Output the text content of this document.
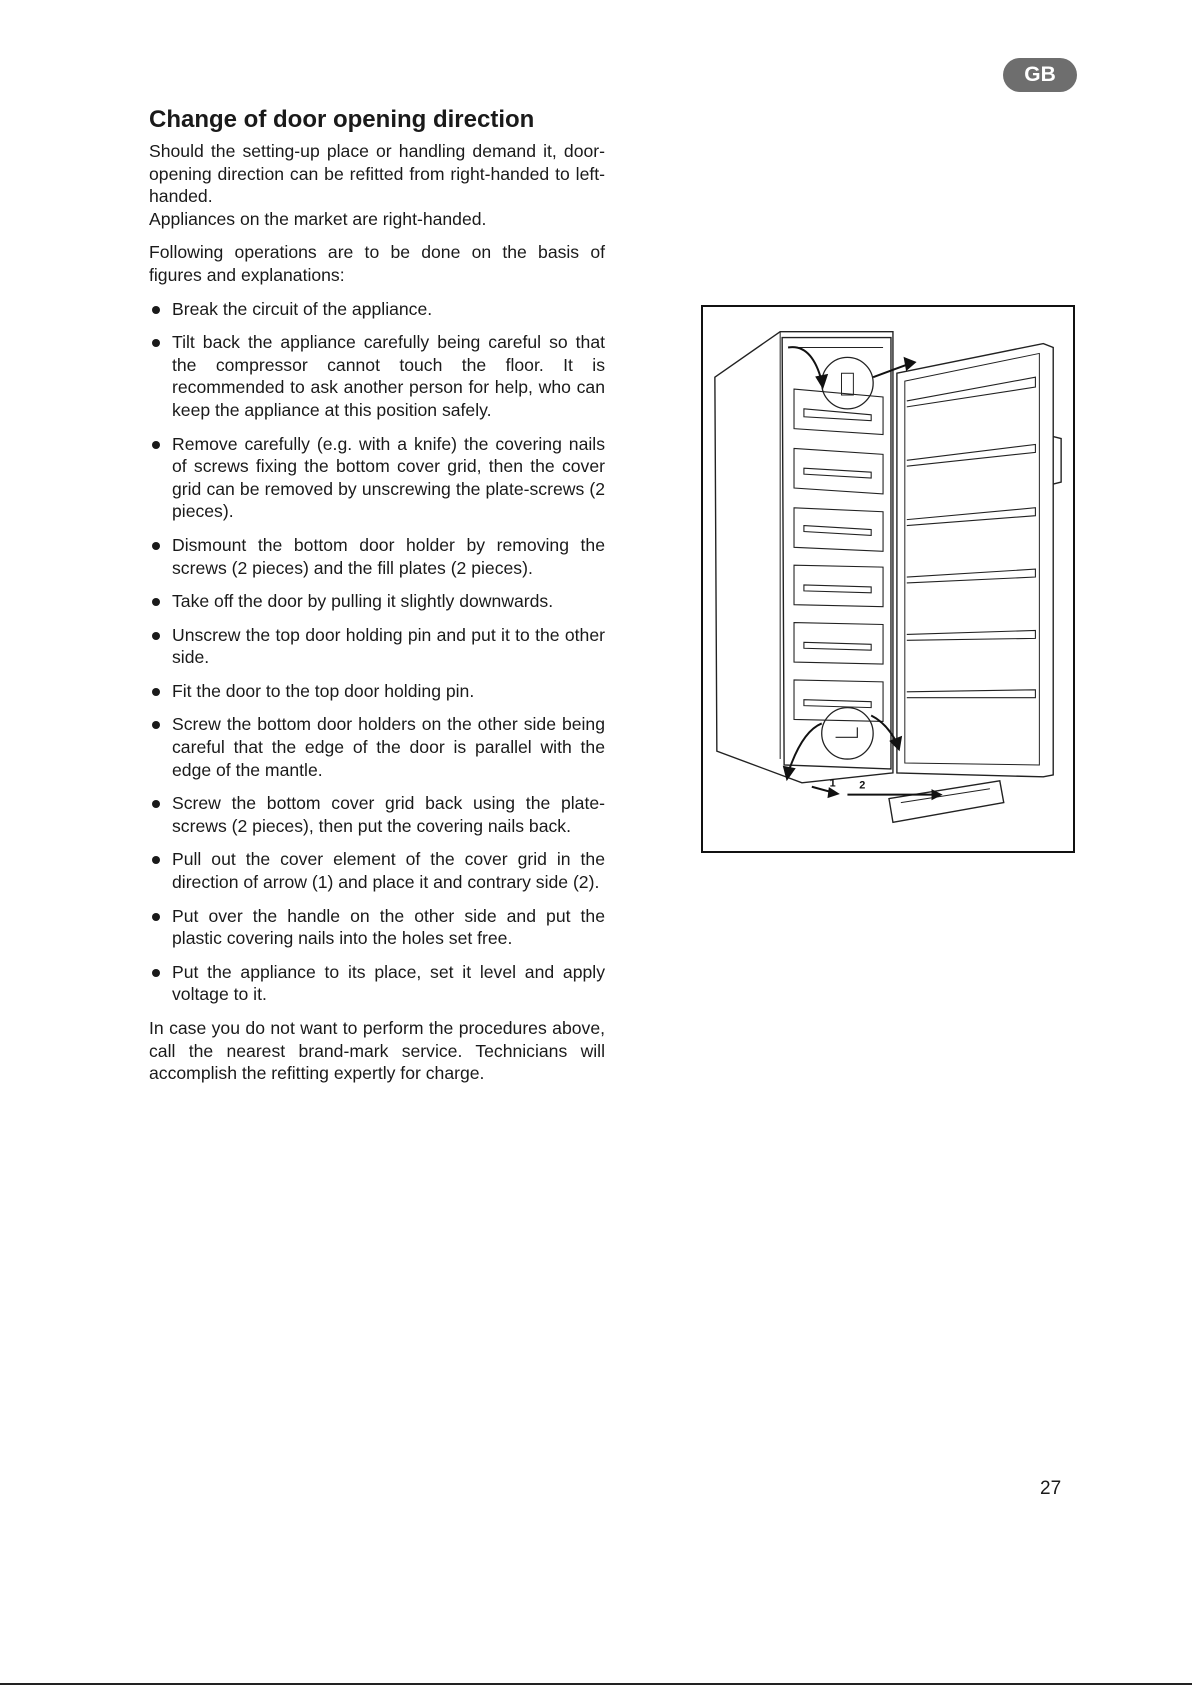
GB
Change of door opening direction

Should the setting-up place or handling demand it, door-opening direction can be refitted from right-handed to left-handed.

Appliances on the market are right-handed.

Following operations are to be done on the basis of figures and explanations:

Break the circuit of the appliance.
Tilt back the appliance carefully being careful so that the compressor cannot touch the floor. It is recommended to ask another person for help, who can keep the appliance at this position safely.
Remove carefully (e.g. with a knife) the covering nails of screws fixing the bottom cover grid, then the cover grid can be removed by unscrewing the plate-screws (2 pieces).
Dismount the bottom door holder by removing the screws (2 pieces) and the fill plates (2 pieces).
Take off the door by pulling it slightly downwards.
Unscrew the top door holding pin and put it to the other side.
Fit the door to the top door holding pin.
Screw the bottom door holders on the other side being careful that the edge of the door is parallel with the edge of the mantle.
Screw the bottom cover grid back using the plate-screws (2 pieces), then put the covering nails back.
Pull out the cover element of the cover grid in the direction of arrow (1) and place it and contrary side (2).
Put over the handle on the other side and put the plastic covering nails into the holes set free.
Put the appliance to its place, set it level and apply voltage to it.

In case you do not want to perform the procedures above, call the nearest brand-mark service. Technicians will accomplish the refitting expertly for charge.

1 2
27
